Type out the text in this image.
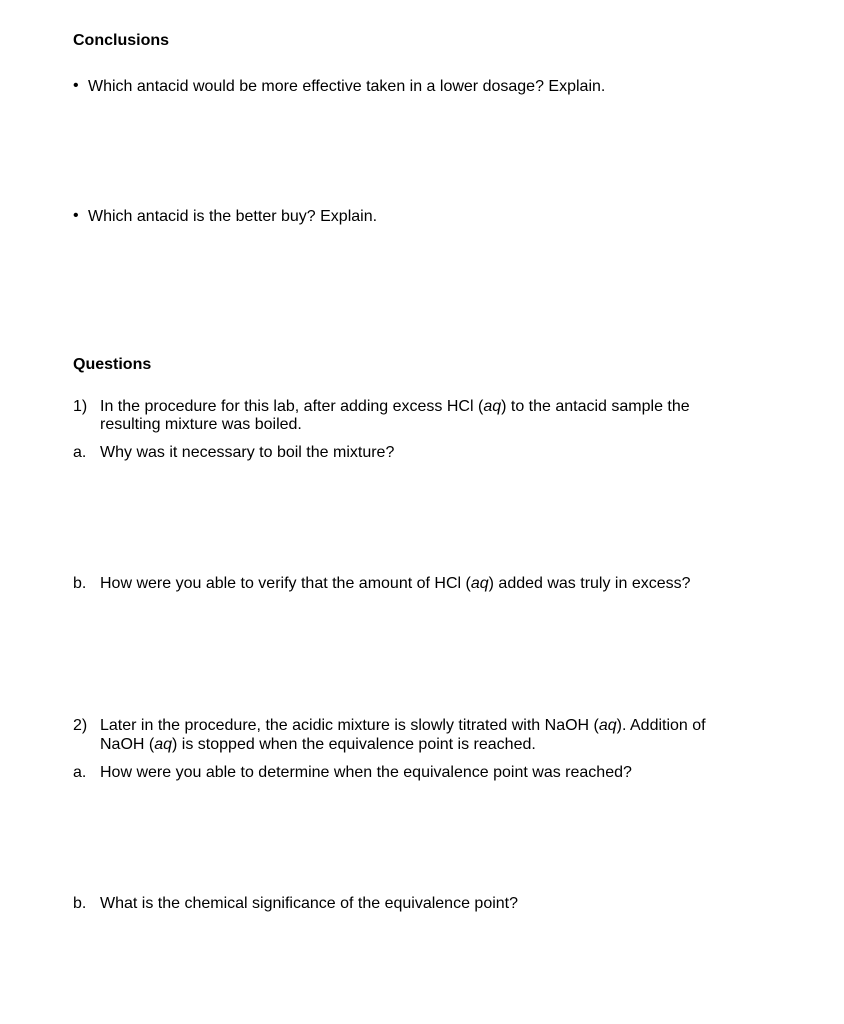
Conclusions
• Which antacid would be more effective taken in a lower dosage? Explain.
• Which antacid is the better buy? Explain.
Questions
1) In the procedure for this lab, after adding excess HCl (aq) to the antacid sample the
resulting mixture was boiled.
a. Why was it necessary to boil the mixture?
b. How were you able to verify that the amount of HCl (aq) added was truly in excess?
2) Later in the procedure, the acidic mixture is slowly titrated with NaOH (aq). Addition of
NaOH (aq) is stopped when the equivalence point is reached.
a. How were you able to determine when the equivalence point was reached?
b. What is the chemical significance of the equivalence point?
